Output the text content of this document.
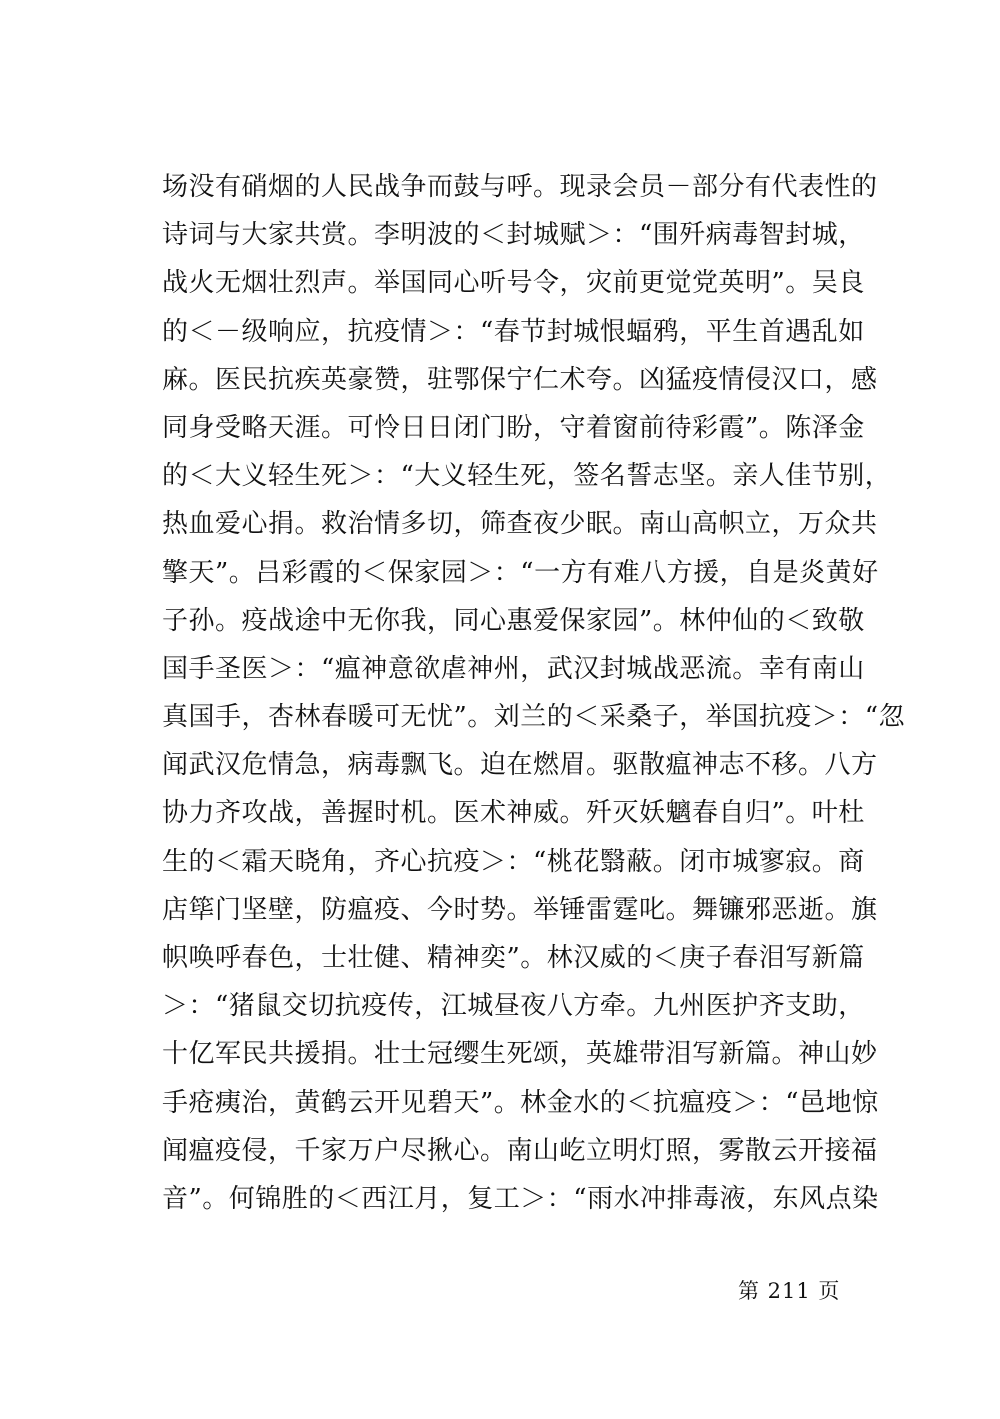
场没有硝烟的人民战争而鼓与呼。现录会员－部分有代表性的
诗词与大家共赏。李明波的＜封城赋＞：“围歼病毒智封城，
战火无烟壮烈声。举国同心听号令，灾前更觉党英明”。吴良
的＜－级响应，抗疫情＞：“春节封城恨蝠鸦，平生首遇乱如
麻。医民抗疾英豪赞，驻鄂保宁仁术夸。凶猛疫情侵汉口，感
同身受略天涯。可怜日日闭门盼，守着窗前待彩霞”。陈泽金
的＜大义轻生死＞：“大义轻生死，签名誓志坚。亲人佳节别，
热血爱心捐。救治情多切，筛查夜少眠。南山高帜立，万众共
擎天”。吕彩霞的＜保家园＞：“一方有难八方援，自是炎黄好
子孙。疫战途中无你我，同心惠爱保家园”。林仲仙的＜致敬
国手圣医＞：“瘟神意欲虐神州，武汉封城战恶流。幸有南山
真国手，杏林春暖可无忧”。刘兰的＜采桑子，举国抗疫＞：“忽
闻武汉危情急，病毒飘飞。迫在燃眉。驱散瘟神志不移。八方
协力齐攻战，善握时机。医术神威。歼灭妖魑春自归”。叶杜
生的＜霜天晓角，齐心抗疫＞：“桃花翳蔽。闭市城寥寂。商
店筚门坚壁，防瘟疫、今时势。举锤雷霆叱。舞镰邪恶逝。旗
帜唤呼春色，士壮健、精神奕”。林汉威的＜庚子春泪写新篇
＞：“猪鼠交切抗疫传，江城昼夜八方牵。九州医护齐支助，
十亿军民共援捐。壮士冠缨生死颂，英雄带泪写新篇。神山妙
手疮痍治，黄鹤云开见碧天”。林金水的＜抗瘟疫＞：“邑地惊
闻瘟疫侵，千家万户尽揪心。南山屹立明灯照，雾散云开接福
音”。何锦胜的＜西江月，复工＞：“雨水冲排毒液，东风点染
第 211 页
